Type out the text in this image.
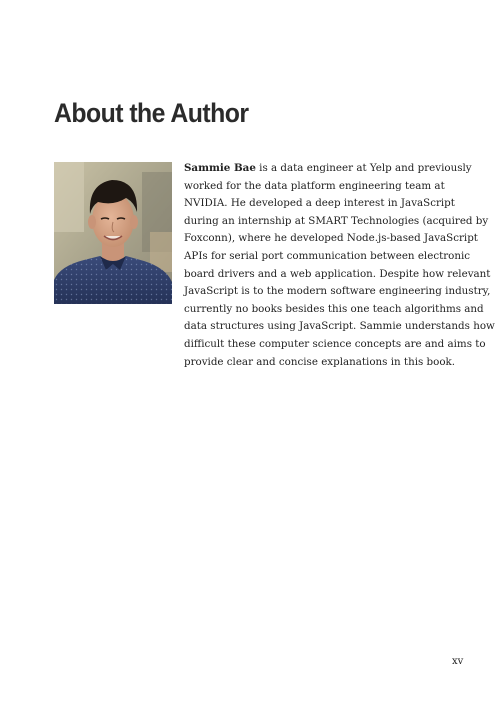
About the Author

Sammie Bae is a data engineer at Yelp and previously
worked for the data platform engineering team at
NVIDIA. He developed a deep interest in JavaScript
during an internship at SMART Technologies (acquired by
Foxconn), where he developed Node.js-based JavaScript
APIs for serial port communication between electronic
board drivers and a web application. Despite how relevant
JavaScript is to the modern software engineering industry,
currently no books besides this one teach algorithms and
data structures using JavaScript. Sammie understands how
difficult these computer science concepts are and aims to
provide clear and concise explanations in this book.

xv
